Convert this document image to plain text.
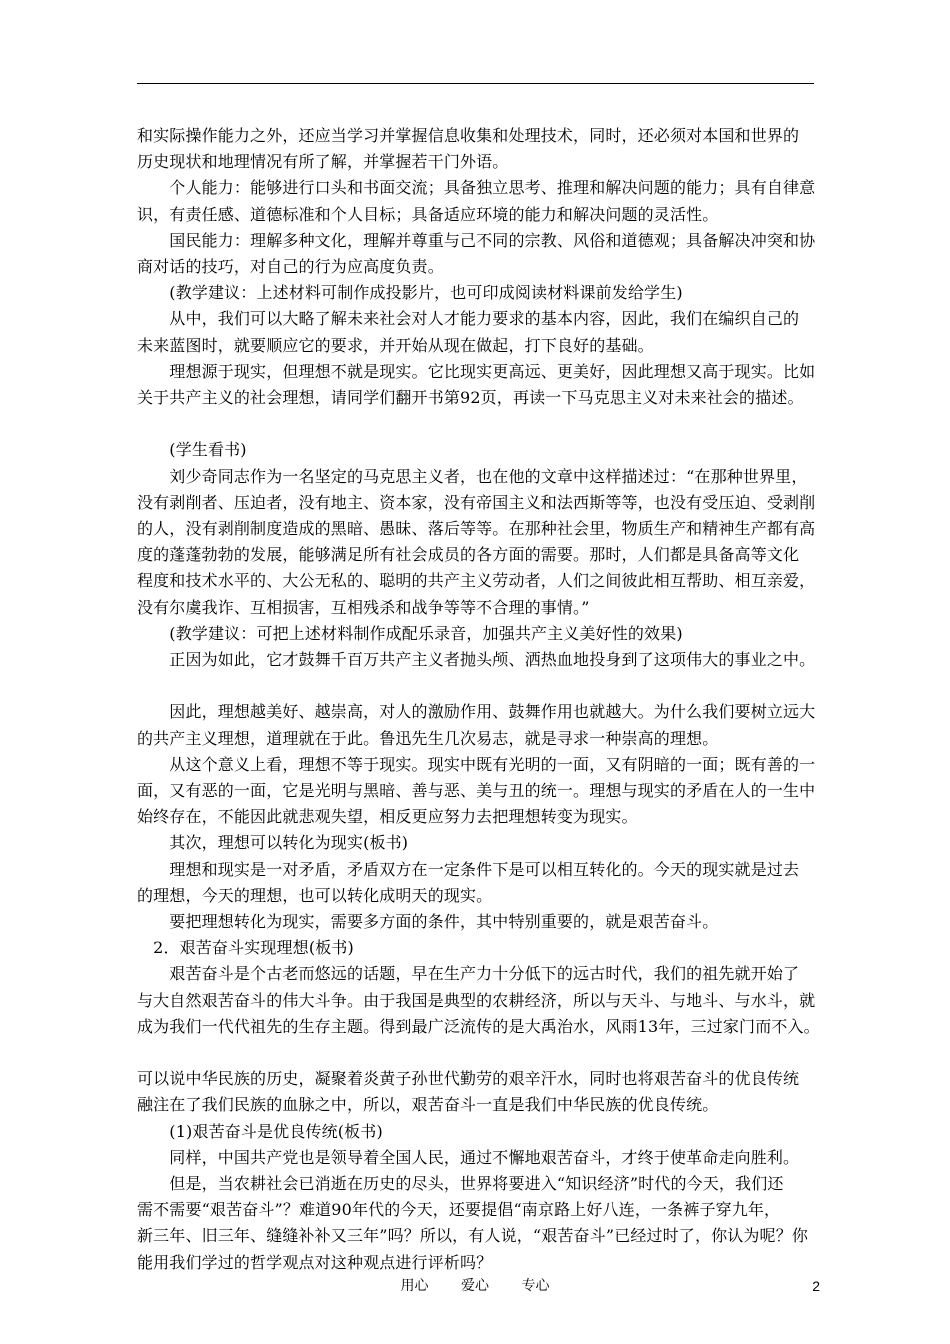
和实际操作能力之外，还应当学习并掌握信息收集和处理技术，同时，还必须对本国和世界的

历史现状和地理情况有所了解，并掌握若干门外语。

　　个人能力：能够进行口头和书面交流；具备独立思考、推理和解决问题的能力；具有自律意

识，有责任感、道德标准和个人目标；具备适应环境的能力和解决问题的灵活性。

　　国民能力：理解多种文化，理解并尊重与己不同的宗教、风俗和道德观；具备解决冲突和协

商对话的技巧，对自己的行为应高度负责。

　　(教学建议：上述材料可制作成投影片，也可印成阅读材料课前发给学生)

　　从中，我们可以大略了解未来社会对人才能力要求的基本内容，因此，我们在编织自己的

未来蓝图时，就要顺应它的要求，并开始从现在做起，打下良好的基础。

　　理想源于现实，但理想不就是现实。它比现实更高远、更美好，因此理想又高于现实。比如

关于共产主义的社会理想，请同学们翻开书第92页，再读一下马克思主义对未来社会的描述。

　　(学生看书)

　　刘少奇同志作为一名坚定的马克思主义者，也在他的文章中这样描述过：“在那种世界里，

没有剥削者、压迫者，没有地主、资本家，没有帝国主义和法西斯等等，也没有受压迫、受剥削

的人，没有剥削制度造成的黑暗、愚昧、落后等等。在那种社会里，物质生产和精神生产都有高

度的蓬蓬勃勃的发展，能够满足所有社会成员的各方面的需要。那时，人们都是具备高等文化

程度和技术水平的、大公无私的、聪明的共产主义劳动者，人们之间彼此相互帮助、相互亲爱，

没有尔虞我诈、互相损害，互相残杀和战争等等不合理的事情。”

　　(教学建议：可把上述材料制作成配乐录音，加强共产主义美好性的效果)

　　正因为如此，它才鼓舞千百万共产主义者抛头颅、洒热血地投身到了这项伟大的事业之中。

　　因此，理想越美好、越崇高，对人的激励作用、鼓舞作用也就越大。为什么我们要树立远大

的共产主义理想，道理就在于此。鲁迅先生几次易志，就是寻求一种崇高的理想。

　　从这个意义上看，理想不等于现实。现实中既有光明的一面，又有阴暗的一面；既有善的一

面，又有恶的一面，它是光明与黑暗、善与恶、美与丑的统一。理想与现实的矛盾在人的一生中

始终存在，不能因此就悲观失望，相反更应努力去把理想转变为现实。

　　其次，理想可以转化为现实(板书)

　　理想和现实是一对矛盾，矛盾双方在一定条件下是可以相互转化的。今天的现实就是过去

的理想，今天的理想，也可以转化成明天的现实。

　　要把理想转化为现实，需要多方面的条件，其中特别重要的，就是艰苦奋斗。

　2．艰苦奋斗实现理想(板书)

　　艰苦奋斗是个古老而悠远的话题，早在生产力十分低下的远古时代，我们的祖先就开始了

与大自然艰苦奋斗的伟大斗争。由于我国是典型的农耕经济，所以与天斗、与地斗、与水斗，就

成为我们一代代祖先的生存主题。得到最广泛流传的是大禹治水，风雨13年，三过家门而不入。

可以说中华民族的历史，凝聚着炎黄子孙世代勤劳的艰辛汗水，同时也将艰苦奋斗的优良传统

融注在了我们民族的血脉之中，所以，艰苦奋斗一直是我们中华民族的优良传统。

　　(1)艰苦奋斗是优良传统(板书)

　　同样，中国共产党也是领导着全国人民，通过不懈地艰苦奋斗，才终于使革命走向胜利。

　　但是，当农耕社会已消逝在历史的尽头，世界将要进入“知识经济”时代的今天，我们还

需不需要“艰苦奋斗”？难道90年代的今天，还要提倡“南京路上好八连，一条裤子穿九年，

新三年、旧三年、缝缝补补又三年”吗？所以，有人说，“艰苦奋斗”已经过时了，你认为呢？你

能用我们学过的哲学观点对这种观点进行评析吗？

用心 爱心 专心	2
